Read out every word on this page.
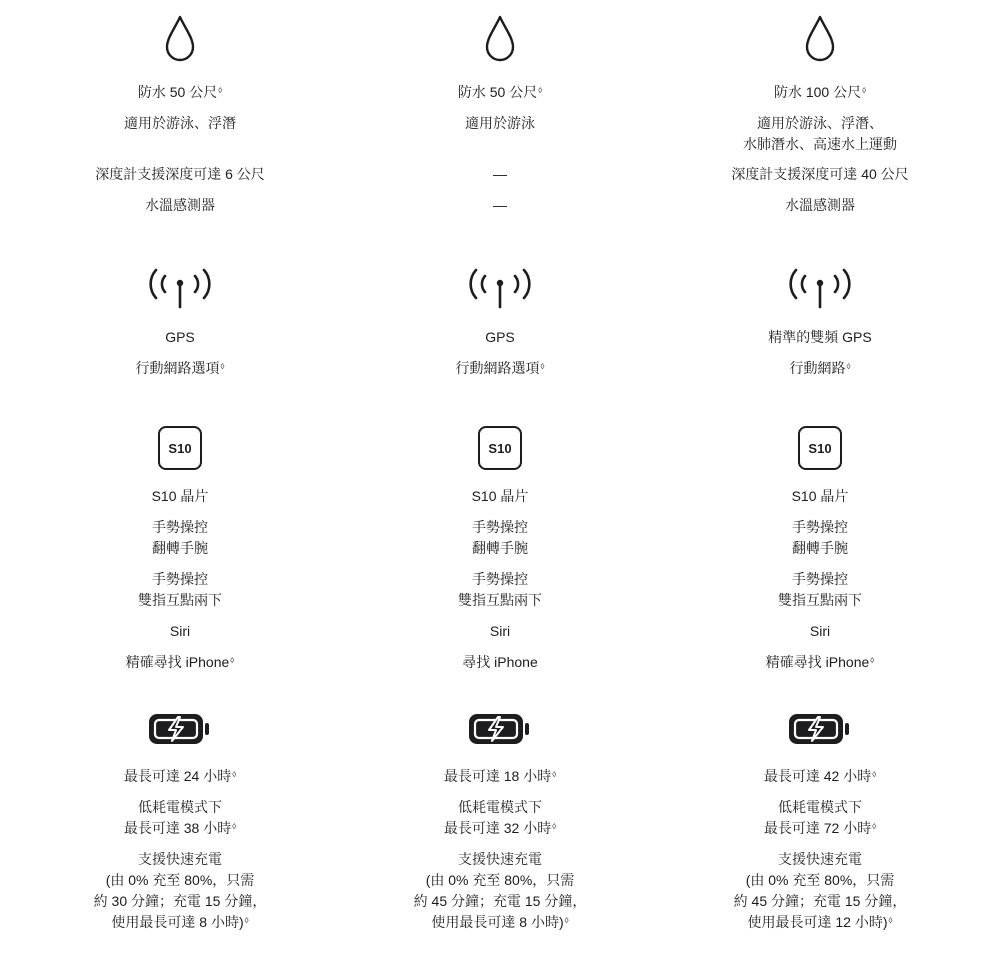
防水 50 公尺◊

適用於游泳、浮潛

深度計支援深度可達 6 公尺

水溫感測器

GPS

行動網路選項◊

S10

S10 晶片

手勢操控
翻轉手腕

手勢操控
雙指互點兩下

Siri

精確尋找 iPhone◊

最長可達 24 小時◊

低耗電模式下
最長可達 38 小時◊

支援快速充電
(由 0% 充至 80%，只需
約 30 分鐘；充電 15 分鐘，
使用最長可達 8 小時)◊

防水 50 公尺◊

適用於游泳

—

—

GPS

行動網路選項◊

S10

S10 晶片

手勢操控
翻轉手腕

手勢操控
雙指互點兩下

Siri

尋找 iPhone

最長可達 18 小時◊

低耗電模式下
最長可達 32 小時◊

支援快速充電
(由 0% 充至 80%，只需
約 45 分鐘；充電 15 分鐘，
使用最長可達 8 小時)◊

防水 100 公尺◊

適用於游泳、浮潛、
水肺潛水、高速水上運動

深度計支援深度可達 40 公尺

水溫感測器

精準的雙頻 GPS

行動網路◊

S10

S10 晶片

手勢操控
翻轉手腕

手勢操控
雙指互點兩下

Siri

精確尋找 iPhone◊

最長可達 42 小時◊

低耗電模式下
最長可達 72 小時◊

支援快速充電
(由 0% 充至 80%，只需
約 45 分鐘；充電 15 分鐘，
使用最長可達 12 小時)◊
